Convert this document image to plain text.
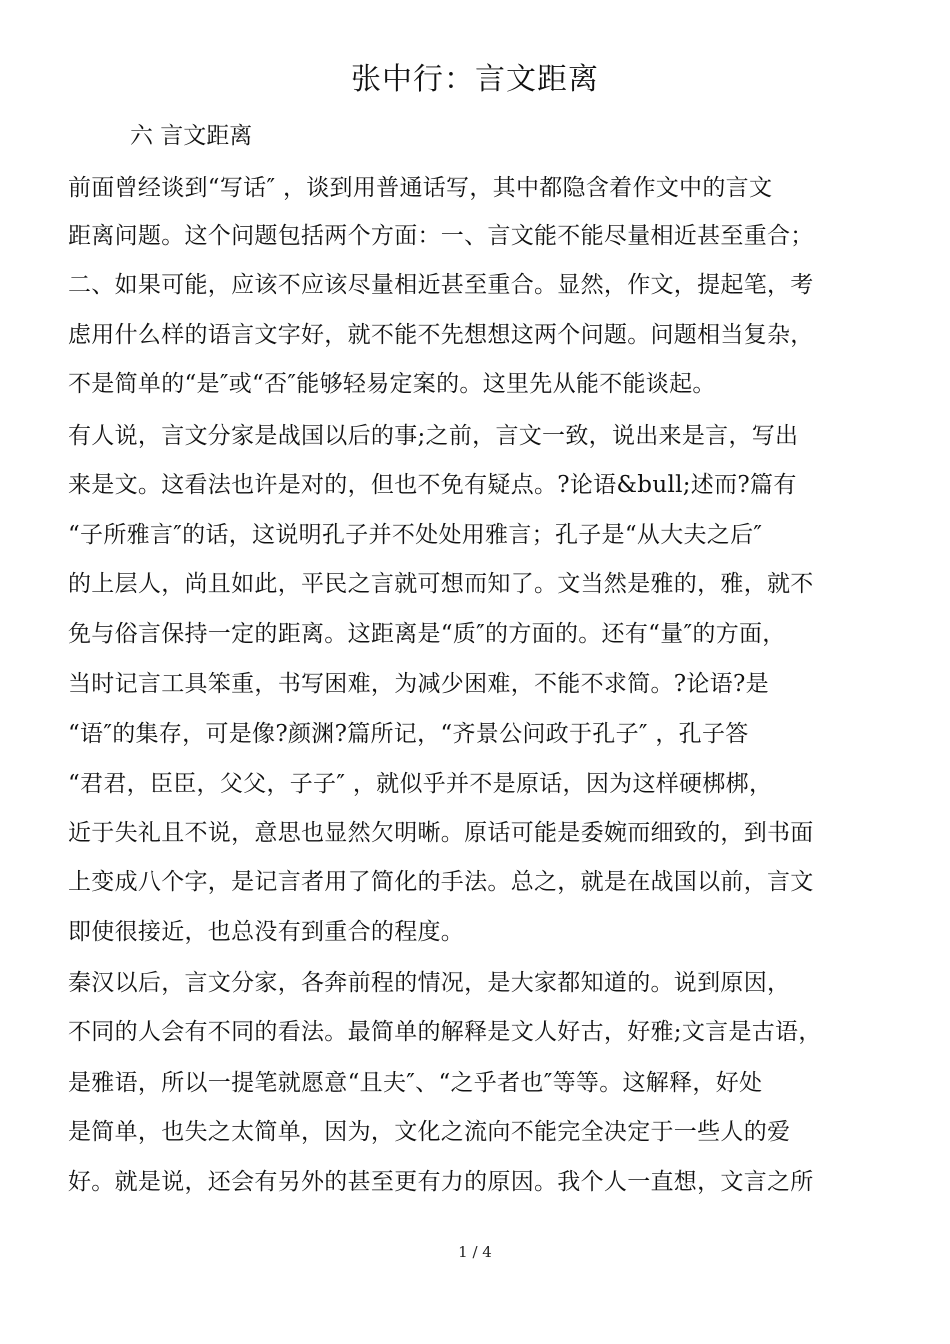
张中行：言文距离
六 言文距离
前面曾经谈到“写话″ ，谈到用普通话写，其中都隐含着作文中的言文
距离问题。这个问题包括两个方面：一、言文能不能尽量相近甚至重合；
二、如果可能，应该不应该尽量相近甚至重合。显然，作文，提起笔，考
虑用什么样的语言文字好，就不能不先想想这两个问题。问题相当复杂，
不是简单的“是″或“否″能够轻易定案的。这里先从能不能谈起。
有人说，言文分家是战国以后的事;之前，言文一致，说出来是言，写出
来是文。这看法也许是对的，但也不免有疑点。?论语&bull;述而?篇有
“子所雅言″的话，这说明孔子并不处处用雅言；孔子是“从大夫之后″
的上层人，尚且如此，平民之言就可想而知了。文当然是雅的，雅，就不
免与俗言保持一定的距离。这距离是“质″的方面的。还有“量″的方面，
当时记言工具笨重，书写困难，为减少困难，不能不求简。?论语?是
“语″的集存，可是像?颜渊?篇所记，“齐景公问政于孔子″ ，孔子答
“君君，臣臣，父父，子子″ ，就似乎并不是原话，因为这样硬梆梆，
近于失礼且不说，意思也显然欠明晰。原话可能是委婉而细致的，到书面
上变成八个字，是记言者用了简化的手法。总之，就是在战国以前，言文
即使很接近，也总没有到重合的程度。
秦汉以后，言文分家，各奔前程的情况，是大家都知道的。说到原因，
不同的人会有不同的看法。最简单的解释是文人好古，好雅;文言是古语，
是雅语，所以一提笔就愿意“且夫″、“之乎者也″等等。这解释，好处
是简单，也失之太简单，因为，文化之流向不能完全决定于一些人的爱
好。就是说，还会有另外的甚至更有力的原因。我个人一直想，文言之所
1 / 4
